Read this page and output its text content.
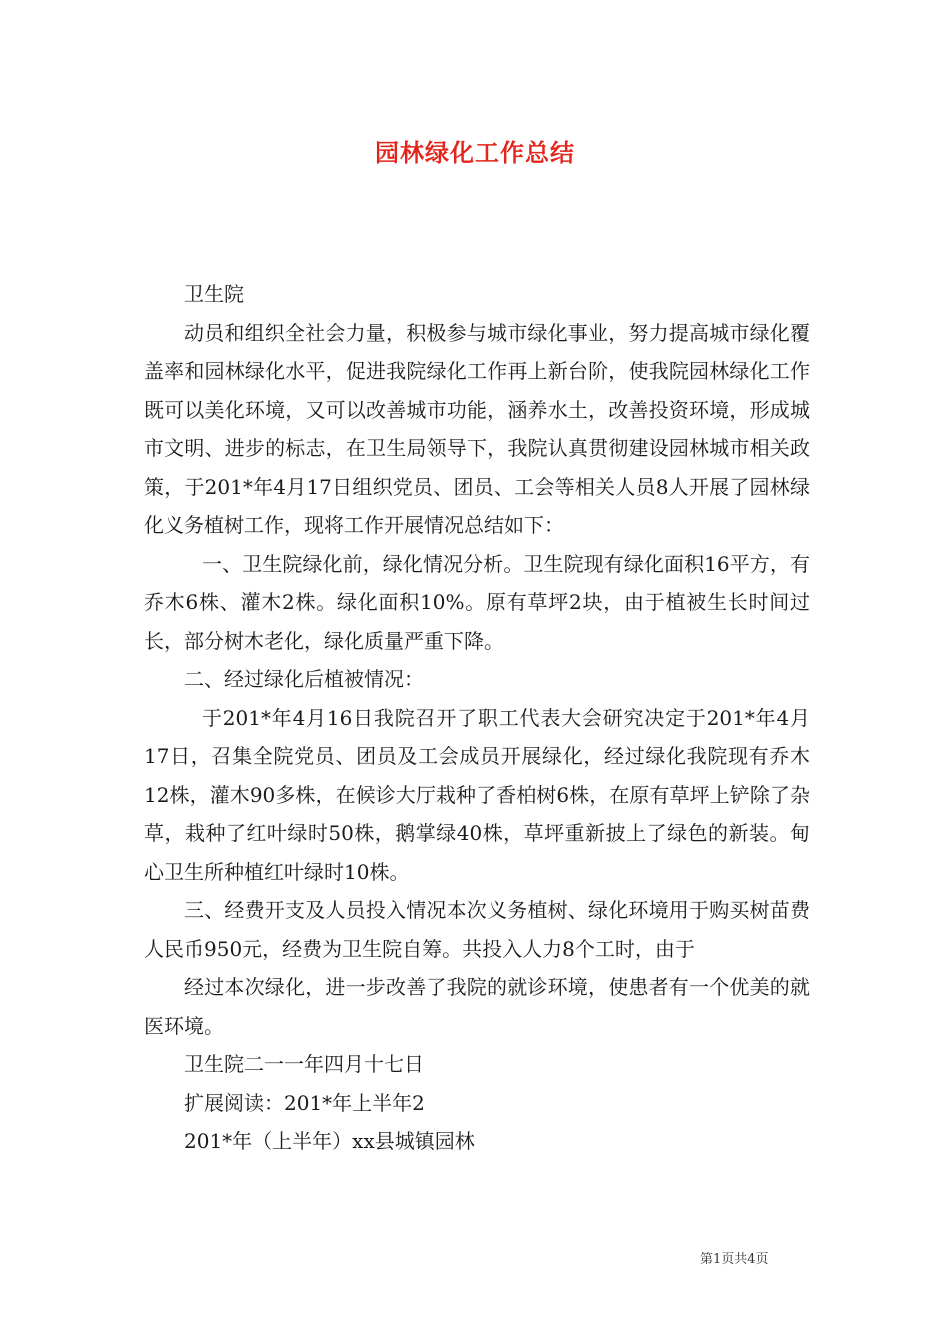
园林绿化工作总结

卫生院

动员和组织全社会力量，积极参与城市绿化事业，努力提高城市绿化覆盖率和园林绿化水平，促进我院绿化工作再上新台阶，使我院园林绿化工作既可以美化环境，又可以改善城市功能，涵养水土，改善投资环境，形成城市文明、进步的标志，在卫生局领导下，我院认真贯彻建设园林城市相关政策，于201*年4月17日组织党员、团员、工会等相关人员8人开展了园林绿化义务植树工作，现将工作开展情况总结如下：

一、卫生院绿化前，绿化情况分析。卫生院现有绿化面积16平方，有乔木6株、灌木2株。绿化面积10%。原有草坪2块，由于植被生长时间过长，部分树木老化，绿化质量严重下降。

二、经过绿化后植被情况：

于201*年4月16日我院召开了职工代表大会研究决定于201*年4月17日，召集全院党员、团员及工会成员开展绿化，经过绿化我院现有乔木12株，灌木90多株，在候诊大厅栽种了香柏树6株，在原有草坪上铲除了杂草，栽种了红叶绿时50株，鹅掌绿40株，草坪重新披上了绿色的新装。甸心卫生所种植红叶绿时10株。

三、经费开支及人员投入情况本次义务植树、绿化环境用于购买树苗费人民币950元，经费为卫生院自筹。共投入人力8个工时，由于

经过本次绿化，进一步改善了我院的就诊环境，使患者有一个优美的就医环境。

卫生院二一一年四月十七日

扩展阅读：201*年上半年2

201*年（上半年）xx县城镇园林

第1页共4页
